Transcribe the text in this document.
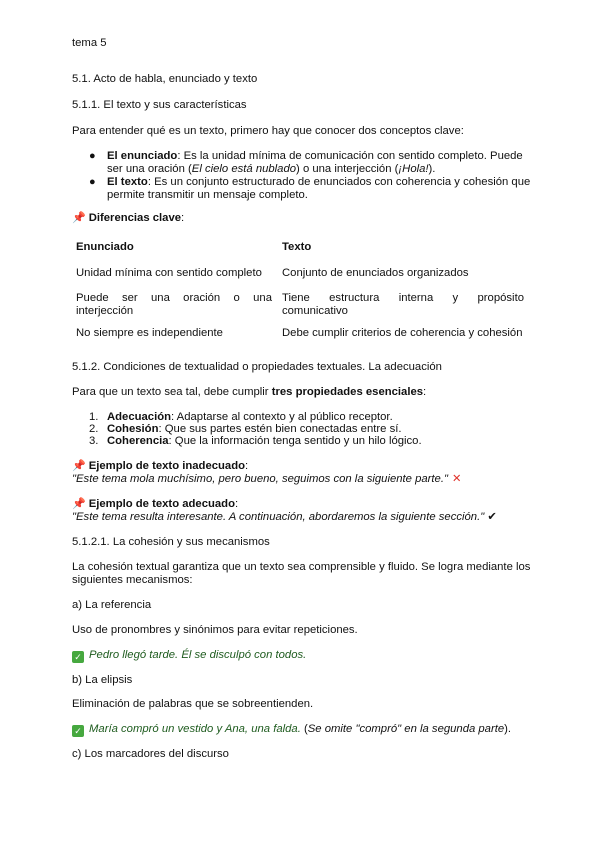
tema 5
5.1. Acto de habla, enunciado y texto
5.1.1. El texto y sus características
Para entender qué es un texto, primero hay que conocer dos conceptos clave:
● El enunciado: Es la unidad mínima de comunicación con sentido completo. Puede
ser una oración (El cielo está nublado) o una interjección (¡Hola!).
● El texto: Es un conjunto estructurado de enunciados con coherencia y cohesión que
permite transmitir un mensaje completo.
📌 Diferencias clave:
Enunciado	Texto
Unidad mínima con sentido completo	Conjunto de enunciados organizados
Puede ser una oración o una interjección	Tiene estructura interna y propósito comunicativo
No siempre es independiente	Debe cumplir criterios de coherencia y cohesión
5.1.2. Condiciones de textualidad o propiedades textuales. La adecuación
Para que un texto sea tal, debe cumplir tres propiedades esenciales:
1. Adecuación: Adaptarse al contexto y al público receptor.
2. Cohesión: Que sus partes estén bien conectadas entre sí.
3. Coherencia: Que la información tenga sentido y un hilo lógico.
📌 Ejemplo de texto inadecuado:
"Este tema mola muchísimo, pero bueno, seguimos con la siguiente parte." ✕
📌 Ejemplo de texto adecuado:
"Este tema resulta interesante. A continuación, abordaremos la siguiente sección." ✔
5.1.2.1. La cohesión y sus mecanismos
La cohesión textual garantiza que un texto sea comprensible y fluido. Se logra mediante los
siguientes mecanismos:
a) La referencia
Uso de pronombres y sinónimos para evitar repeticiones.
✓ Pedro llegó tarde. Él se disculpó con todos.
b) La elipsis
Eliminación de palabras que se sobreentienden.
✓ María compró un vestido y Ana, una falda. (Se omite "compró" en la segunda parte).
c) Los marcadores del discurso
